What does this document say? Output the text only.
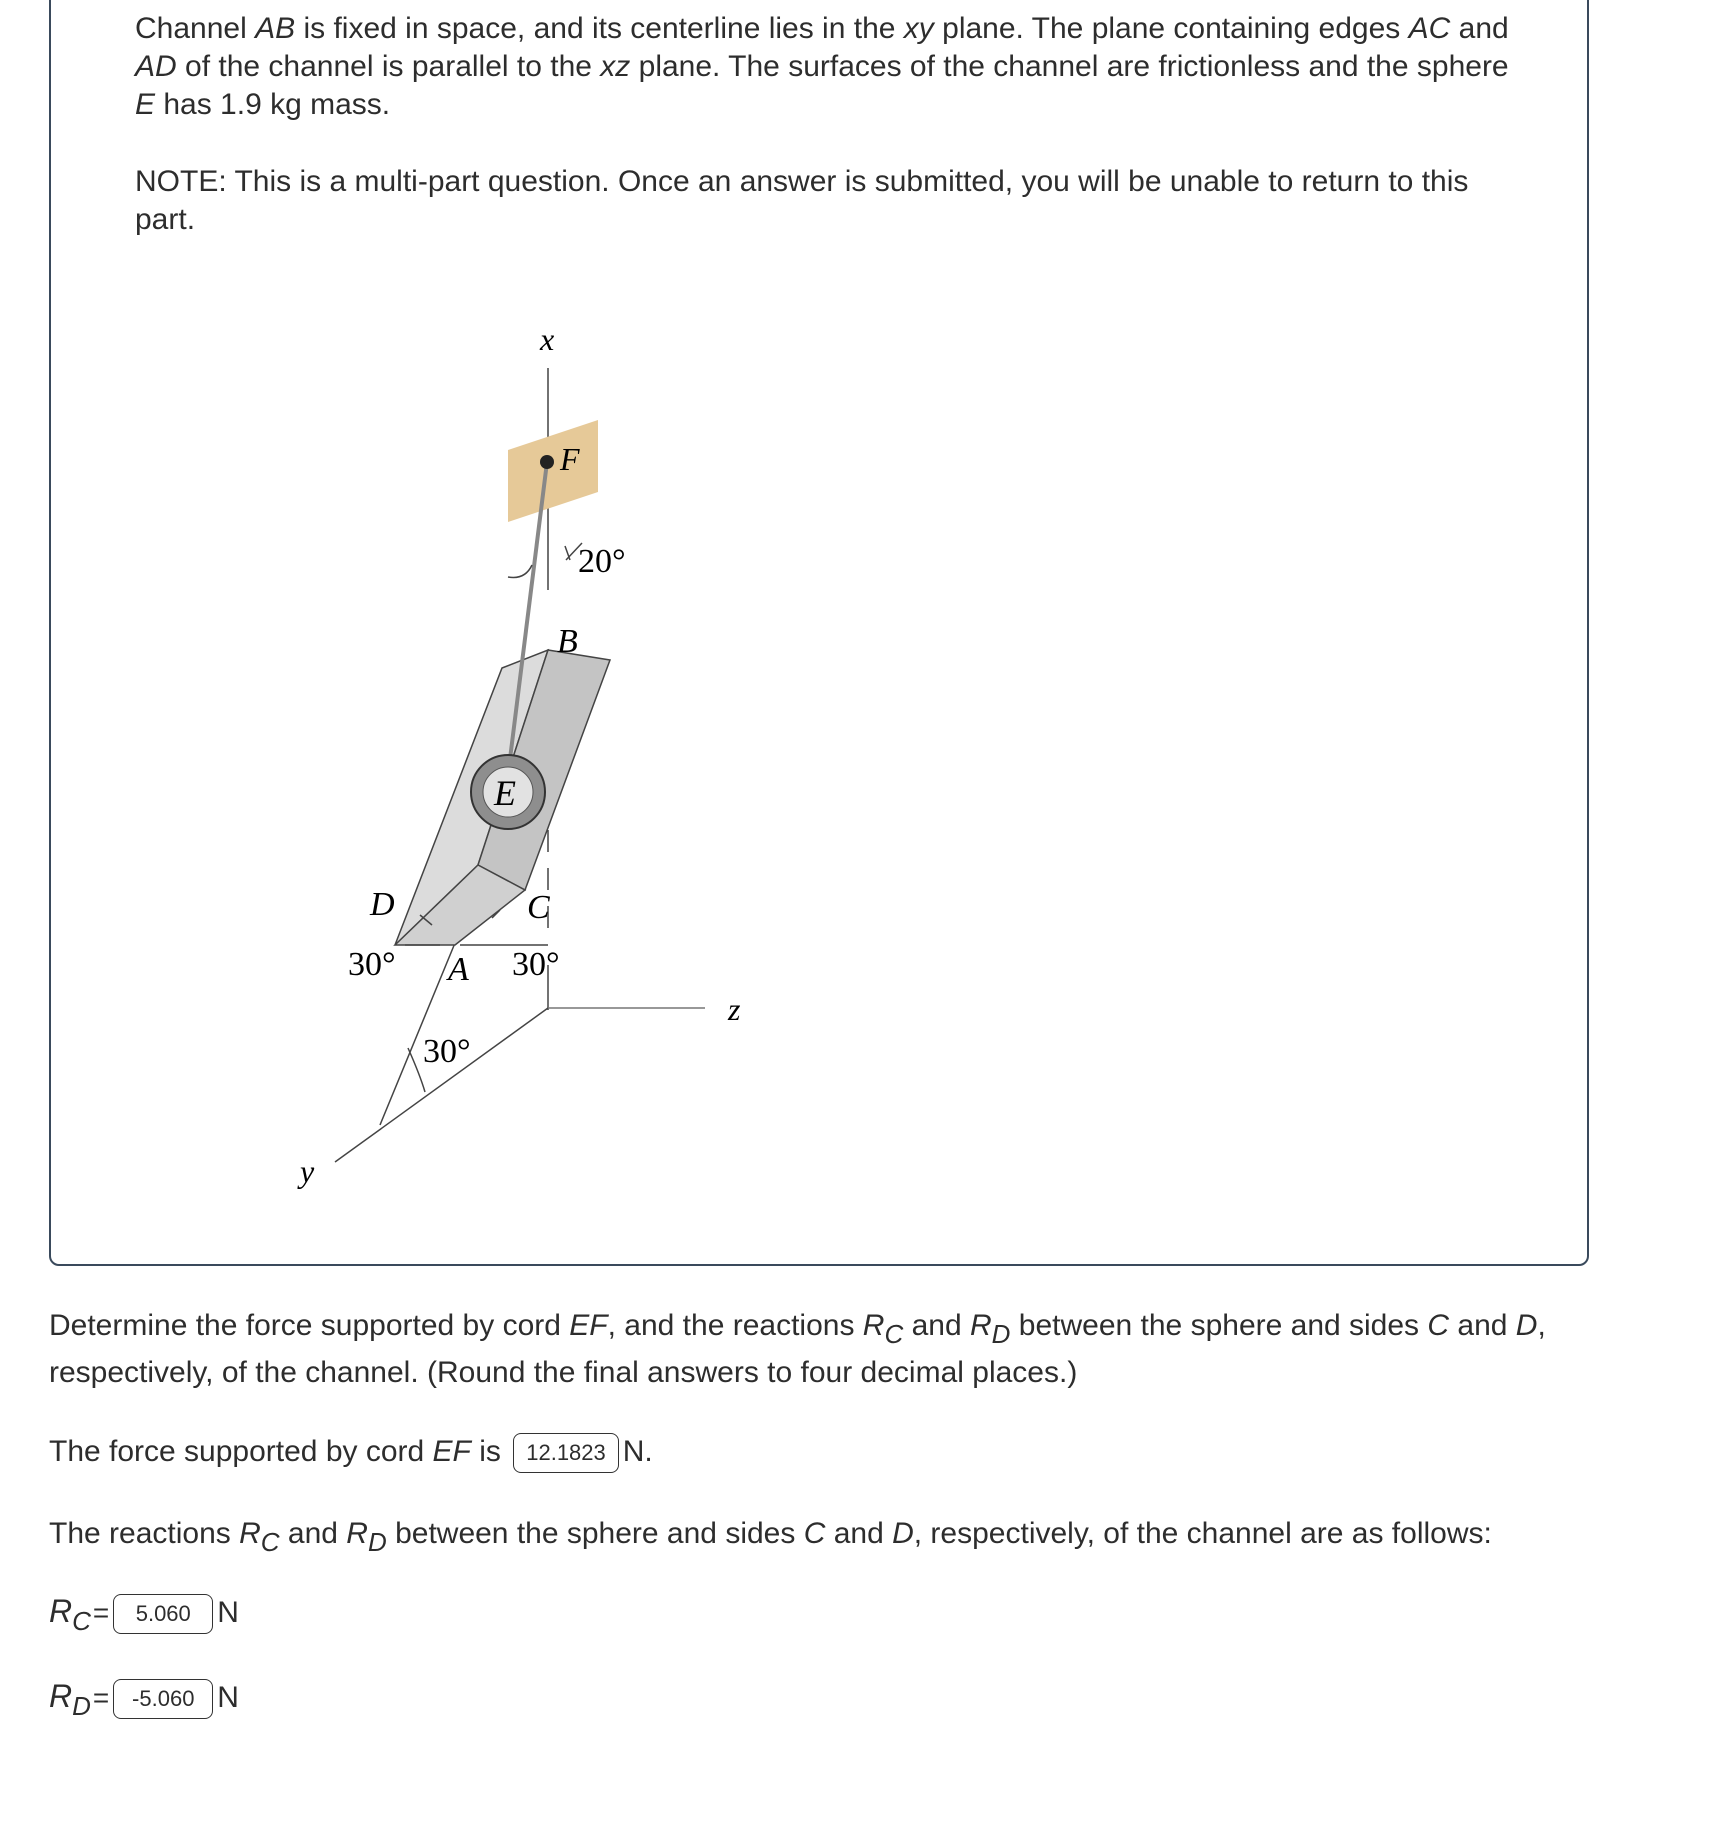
Channel AB is fixed in space, and its centerline lies in the xy plane. The plane containing edges AC and AD of the channel is parallel to the xz plane. The surfaces of the channel are frictionless and the sphere E has 1.9 kg mass.

NOTE: This is a multi-part question. Once an answer is submitted, you will be unable to return to this part.

x
z
y
F
20°
B
E
D	C
30° A 30°
30°

Determine the force supported by cord EF, and the reactions $R_C$ and $R_D$ between the sphere and sides C and D, respectively, of the channel. (Round the final answers to four decimal places.)

The force supported by cord EF is 12.1823 N.

The reactions $R_C$ and $R_D$ between the sphere and sides C and D, respectively, of the channel are as follows:

$R_C= 5.060$ N
$R_D= -5.060$ N
